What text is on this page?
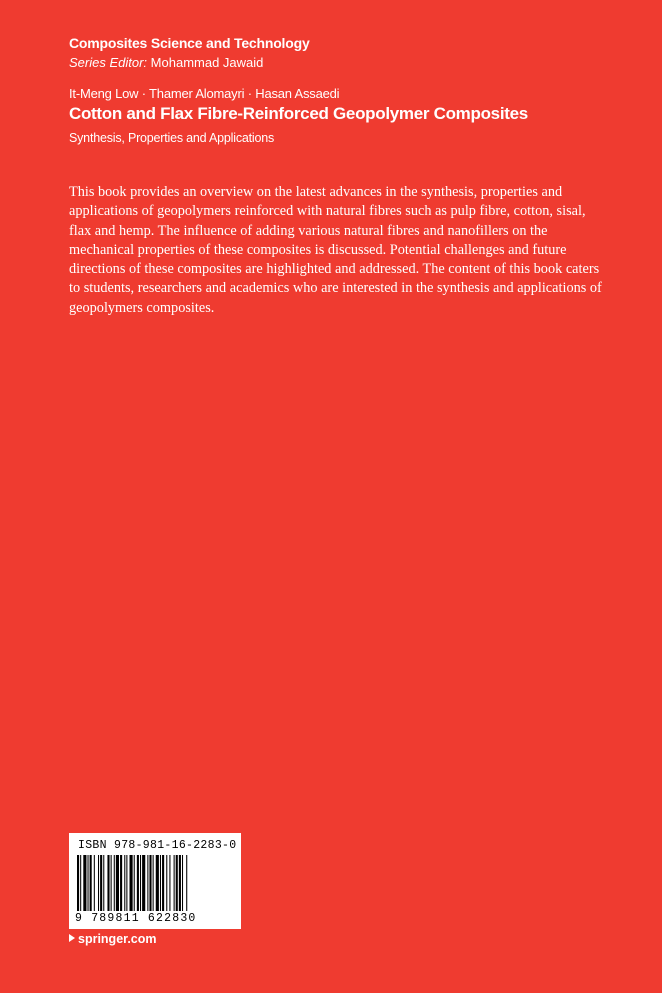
Composites Science and Technology
Series Editor: Mohammad Jawaid
It-Meng Low · Thamer Alomayri · Hasan Assaedi
Cotton and Flax Fibre-Reinforced Geopolymer Composites
Synthesis, Properties and Applications

This book provides an overview on the latest advances in the synthesis, properties and applications of geopolymers reinforced with natural fibres such as pulp fibre, cotton, sisal, flax and hemp. The influence of adding various natural fibres and nanofillers on the mechanical properties of these composites is discussed. Potential challenges and future directions of these composites are highlighted and addressed. The content of this book caters to students, researchers and academics who are interested in the synthesis and applications of geopolymers composites.

ISBN 978-981-16-2283-0
9 789811 622830
springer.com
